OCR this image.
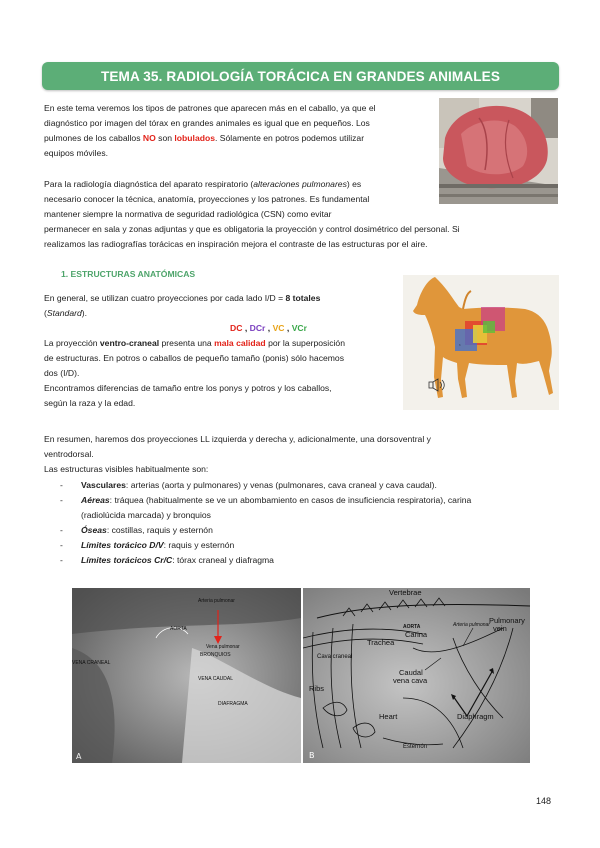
TEMA 35. RADIOLOGÍA TORÁCICA EN GRANDES ANIMALES
En este tema veremos los tipos de patrones que aparecen más en el caballo, ya que el
diagnóstico por imagen del tórax en grandes animales es igual que en pequeños. Los
pulmones de los caballos NO son lobulados. Sólamente en potros podemos utilizar
equipos móviles.
Para la radiología diagnóstica del aparato respiratorio (alteraciones pulmonares) es
necesario conocer la técnica, anatomía, proyecciones y los patrones. Es fundamental
mantener siempre la normativa de seguridad radiológica (CSN) como evitar
permanecer en sala y zonas adjuntas y que es obligatoria la proyección y control dosimétrico del personal. Si
realizamos las radiografías torácicas en inspiración mejora el contraste de las estructuras por el aire.
1. ESTRUCTURAS ANATÓMICAS
En general, se utilizan cuatro proyecciones por cada lado I/D = 8 totales
(Standard).
DC , DCr , VC , VCr
La proyección ventro-craneal presenta una mala calidad por la superposición
de estructuras. En potros o caballos de pequeño tamaño (ponis) sólo hacemos
dos (I/D).
Encontramos diferencias de tamaño entre los ponys y potros y los caballos,
según la raza y la edad.
ᵃ
En resumen, haremos dos proyecciones LL izquierda y derecha y, adicionalmente, una dorsoventral y
ventrodorsal.
Las estructuras visibles habitualmente son:
- Vasculares: arterias (aorta y pulmonares) y venas (pulmonares, cava craneal y cava caudal).
- Aéreas: tráquea (habitualmente se ve un abombamiento en casos de insuficiencia respiratoria), carina
(radiolúcida marcada) y bronquios
- Óseas: costillas, raquis y esternón
- Límites torácico D/V: raquis y esternón
- Límites torácicos Cr/C: tórax craneal y diafragma
A
Arteria pulmonar
AORTA
Vena pulmonar
BRONQUIOS
VENA CRANEAL
VENA CAUDAL
DIAFRAGMA
B
Vertebrae
AORTA	Arteria pulmonar Pulmonary
vein
Carina
Trachea
Cava craneal
Caudal
vena cava
Ribs
Heart	Diaphragm
Esternón
148
